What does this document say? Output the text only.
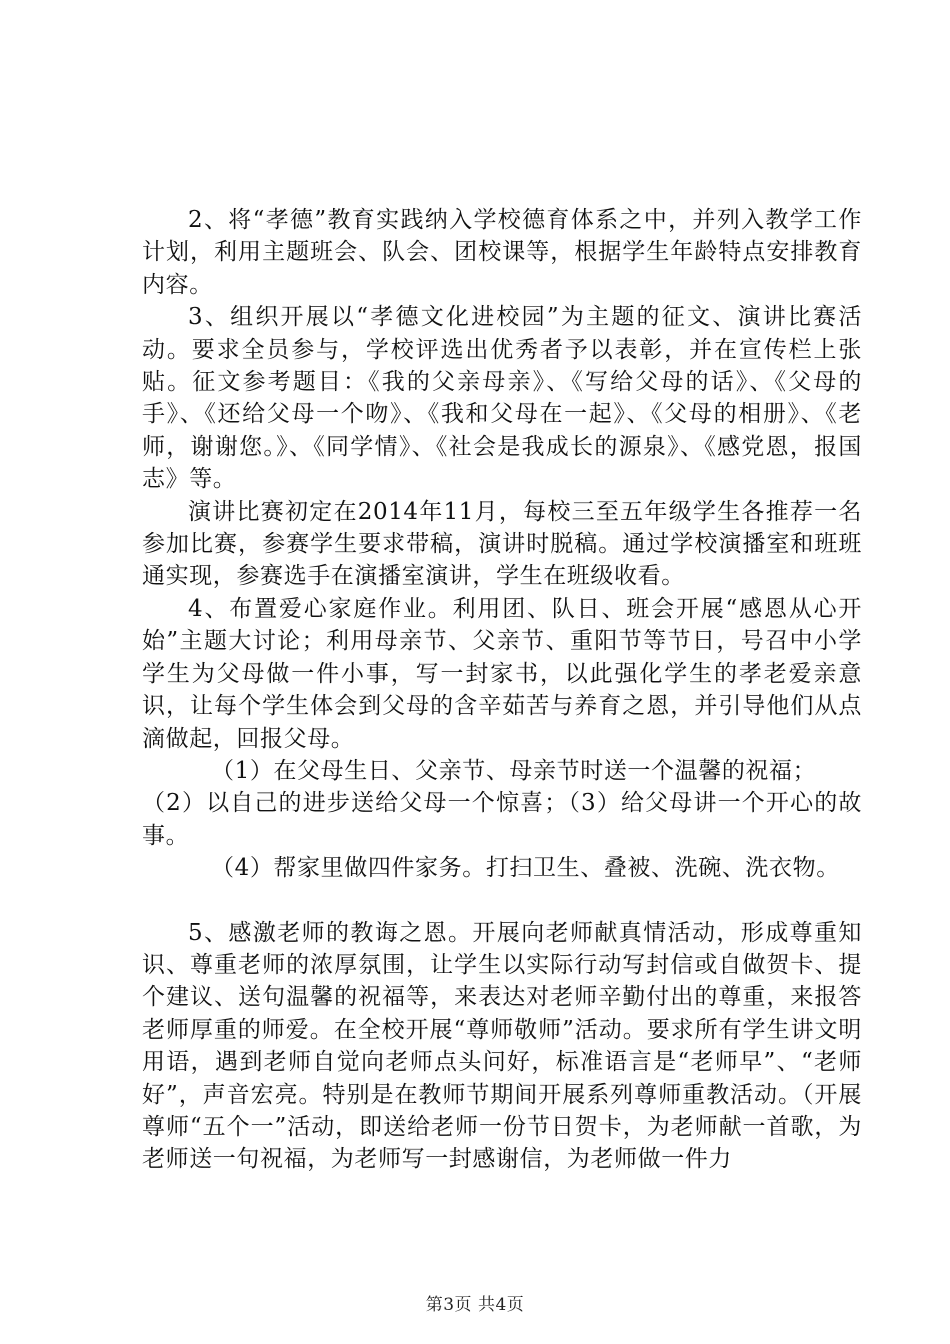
2、将“孝德”教育实践纳入学校德育体系之中，并列入教学工作计划，利用主题班会、队会、团校课等，根据学生年龄特点安排教育内容。

3、组织开展以“孝德文化进校园”为主题的征文、演讲比赛活动。要求全员参与，学校评选出优秀者予以表彰，并在宣传栏上张贴。征文参考题目：《我的父亲母亲》、《写给父母的话》、《父母的手》、《还给父母一个吻》、《我和父母在一起》、《父母的相册》、《老师，谢谢您。》、《同学情》、《社会是我成长的源泉》、《感党恩，报国志》等。

演讲比赛初定在2014年11月，每校三至五年级学生各推荐一名参加比赛，参赛学生要求带稿，演讲时脱稿。通过学校演播室和班班通实现，参赛选手在演播室演讲，学生在班级收看。

4、布置爱心家庭作业。利用团、队日、班会开展“感恩从心开始”主题大讨论；利用母亲节、父亲节、重阳节等节日，号召中小学学生为父母做一件小事，写一封家书，以此强化学生的孝老爱亲意识，让每个学生体会到父母的含辛茹苦与养育之恩，并引导他们从点滴做起，回报父母。

（1）在父母生日、父亲节、母亲节时送一个温馨的祝福；

（2）以自己的进步送给父母一个惊喜；（3）给父母讲一个开心的故事。

（4）帮家里做四件家务。打扫卫生、叠被、洗碗、洗衣物。

5、感激老师的教诲之恩。开展向老师献真情活动，形成尊重知识、尊重老师的浓厚氛围，让学生以实际行动写封信或自做贺卡、提个建议、送句温馨的祝福等，来表达对老师辛勤付出的尊重，来报答老师厚重的师爱。在全校开展“尊师敬师”活动。要求所有学生讲文明用语，遇到老师自觉向老师点头问好，标准语言是“老师早”、“老师好”，声音宏亮。特别是在教师节期间开展系列尊师重教活动。（开展尊师“五个一”活动，即送给老师一份节日贺卡，为老师献一首歌，为老师送一句祝福，为老师写一封感谢信，为老师做一件力

第3页 共4页
